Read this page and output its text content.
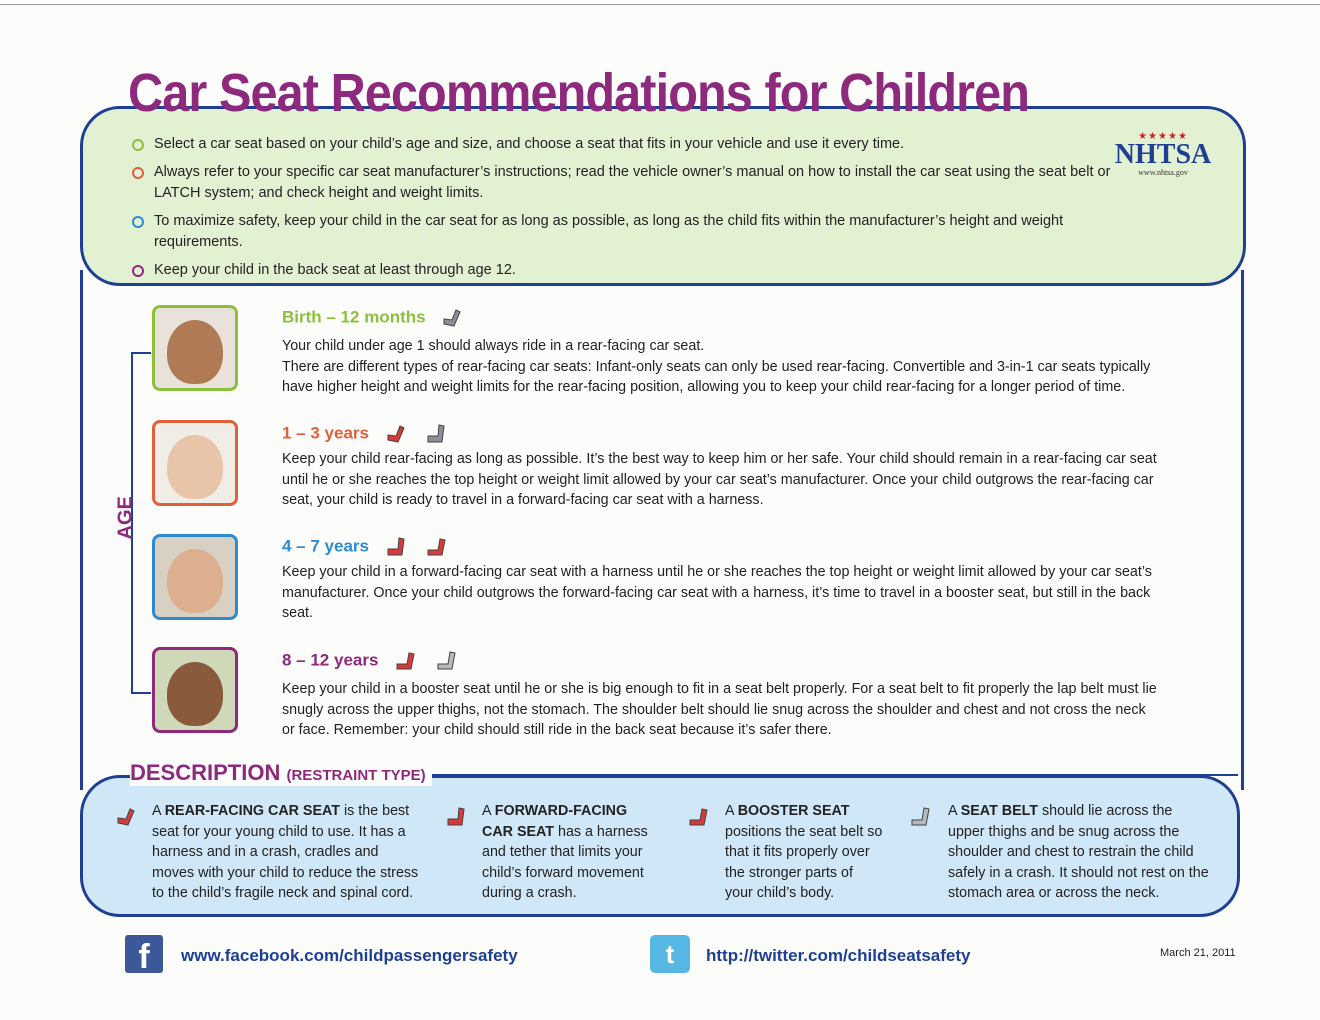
Car Seat Recommendations for Children
Select a car seat based on your child’s age and size, and choose a seat that fits in your vehicle and use it every time.
Always refer to your specific car seat manufacturer’s instructions; read the vehicle owner’s manual on how to install the car seat using the seat belt or LATCH system; and check height and weight limits.
To maximize safety, keep your child in the car seat for as long as possible, as long as the child fits within the manufacturer’s height and weight requirements.
Keep your child in the back seat at least through age 12.
★★★★★
NHTSA
www.nhtsa.gov
AGE
Birth – 12 months
Your child under age 1 should always ride in a rear-facing car seat.
There are different types of rear-facing car seats: Infant-only seats can only be used rear-facing. Convertible and 3-in-1 car seats typically have higher height and weight limits for the rear-facing position, allowing you to keep your child rear-facing for a longer period of time.
1 – 3 years
Keep your child rear-facing as long as possible. It’s the best way to keep him or her safe. Your child should remain in a rear-facing car seat until he or she reaches the top height or weight limit allowed by your car seat’s manufacturer. Once your child outgrows the rear-facing car seat, your child is ready to travel in a forward-facing car seat with a harness.
4 – 7 years
Keep your child in a forward-facing car seat with a harness until he or she reaches the top height or weight limit allowed by your car seat’s manufacturer. Once your child outgrows the forward-facing car seat with a harness, it’s time to travel in a booster seat, but still in the back seat.
8 – 12 years
Keep your child in a booster seat until he or she is big enough to fit in a seat belt properly. For a seat belt to fit properly the lap belt must lie snugly across the upper thighs, not the stomach. The shoulder belt should lie snug across the shoulder and chest and not cross the neck or face. Remember: your child should still ride in the back seat because it’s safer there.
DESCRIPTION (RESTRAINT TYPE)
A REAR-FACING CAR SEAT is the best seat for your young child to use. It has a harness and in a crash, cradles and moves with your child to reduce the stress to the child’s fragile neck and spinal cord.
A FORWARD-FACING CAR SEAT has a harness and tether that limits your child’s forward movement during a crash.
A BOOSTER SEAT positions the seat belt so that it fits properly over the stronger parts of your child’s body.
A SEAT BELT should lie across the upper thighs and be snug across the shoulder and chest to restrain the child safely in a crash. It should not rest on the stomach area or across the neck.
f	www.facebook.com/childpassengersafety	t	http://twitter.com/childseatsafety	March 21, 2011
